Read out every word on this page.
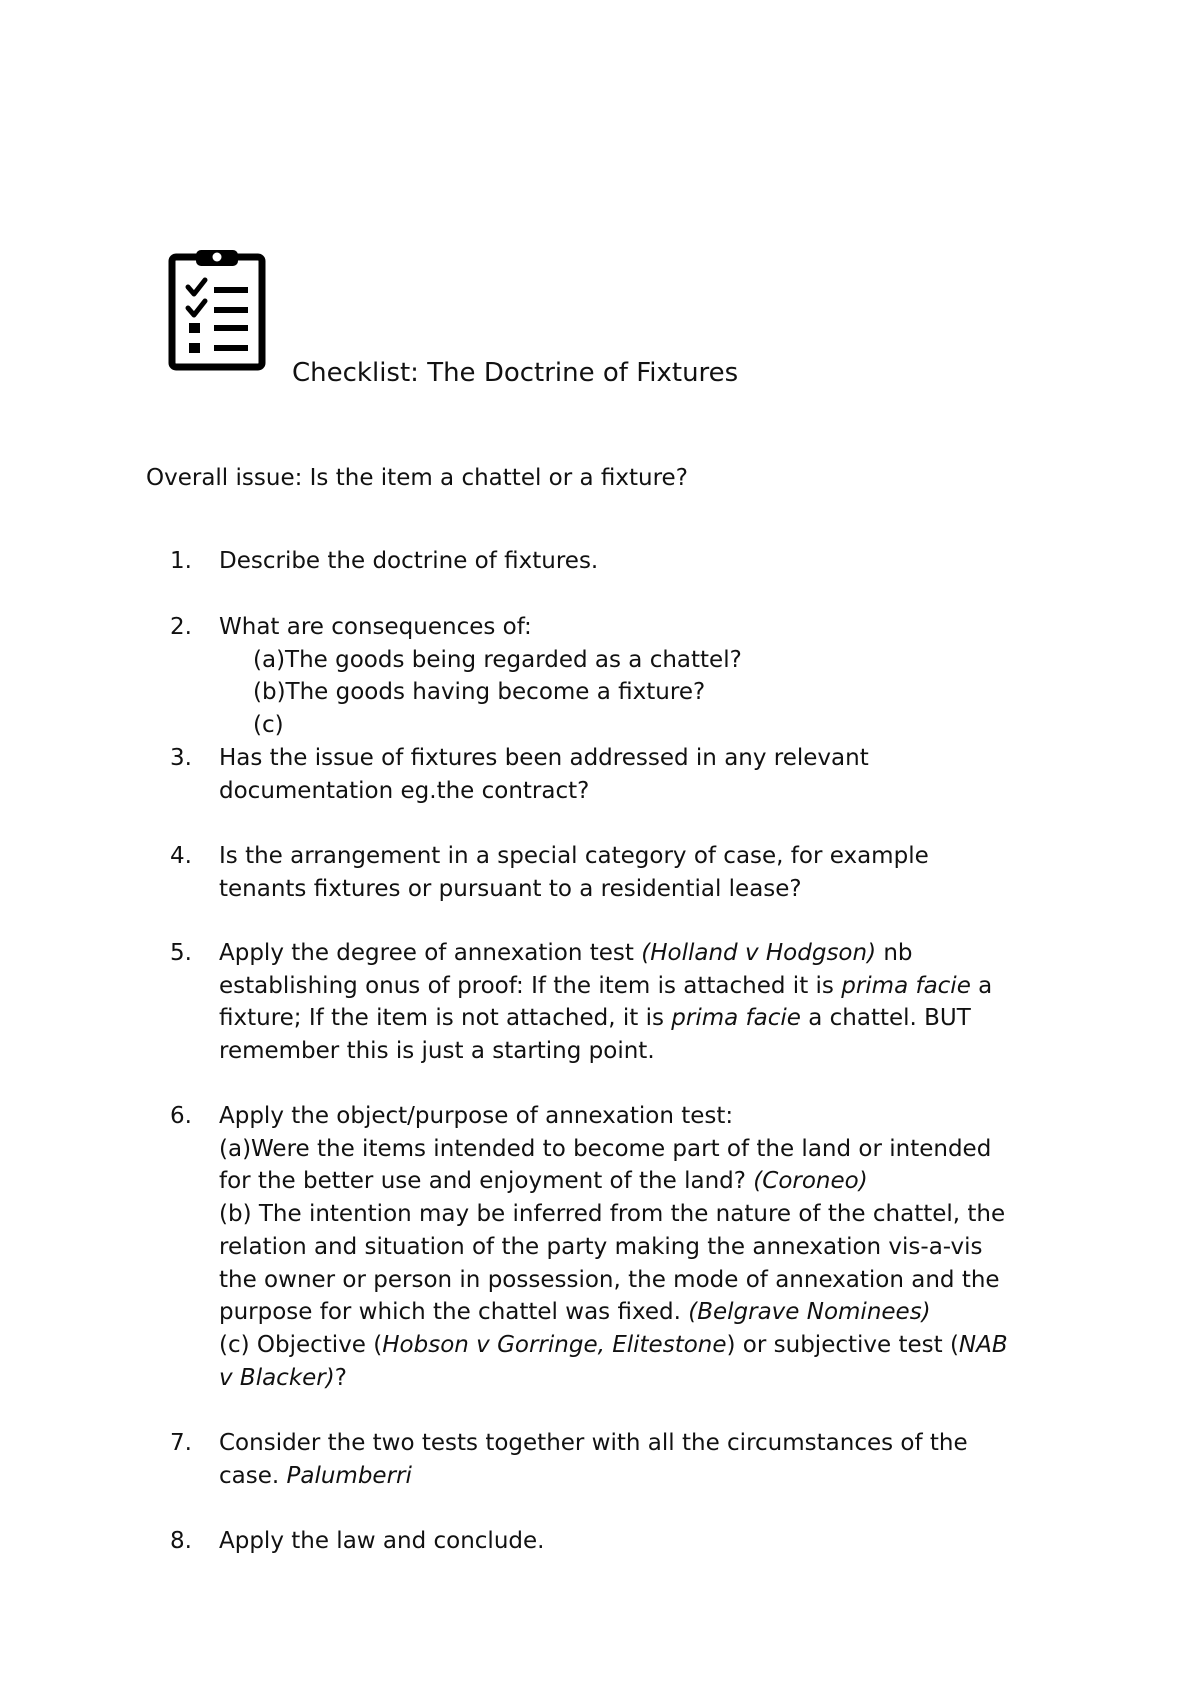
Checklist: The Doctrine of Fixtures
Overall issue: Is the item a chattel or a fixture?
1.	Describe the doctrine of fixtures.
2.	What are consequences of:
(a)The goods being regarded as a chattel?
(b)The goods having become a fixture?
(c)
3.	Has the issue of fixtures been addressed in any relevant
documentation eg.the contract?
4.	Is the arrangement in a special category of case, for example
tenants fixtures or pursuant to a residential lease?
5.	Apply the degree of annexation test (Holland v Hodgson) nb
establishing onus of proof: If the item is attached it is prima facie a
fixture; If the item is not attached, it is prima facie a chattel. BUT
remember this is just a starting point.
6.	Apply the object/purpose of annexation test:
(a)Were the items intended to become part of the land or intended
for the better use and enjoyment of the land? (Coroneo)
(b) The intention may be inferred from the nature of the chattel, the
relation and situation of the party making the annexation vis-a-vis
the owner or person in possession, the mode of annexation and the
purpose for which the chattel was fixed. (Belgrave Nominees)
(c) Objective (Hobson v Gorringe, Elitestone) or subjective test (NAB
v Blacker)?
7.	Consider the two tests together with all the circumstances of the
case. Palumberri
8.	Apply the law and conclude.
